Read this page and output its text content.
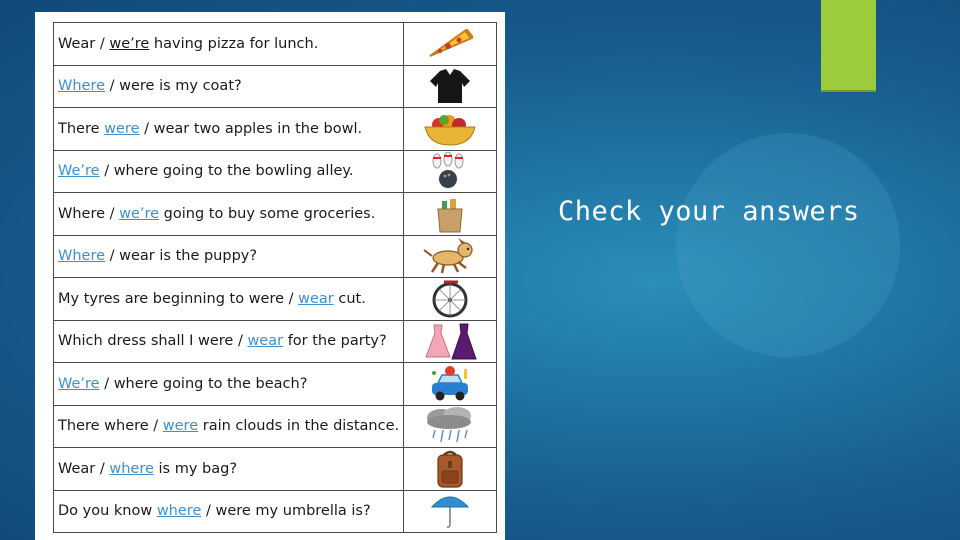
Wear / we’re having pizza for lunch.	

Where / were is my coat?	

There were / wear two apples in the bowl.	

We’re / where going to the bowling alley.	

Where / we’re going to buy some groceries.	

Where / wear is the puppy?	

My tyres are beginning to were / wear cut.	

Which dress shall I were / wear for the party?	

We’re / where going to the beach?	

There where / were rain clouds in the distance.	

Wear / where is my bag?	

Do you know where / were my umbrella is?	
Check your answers
